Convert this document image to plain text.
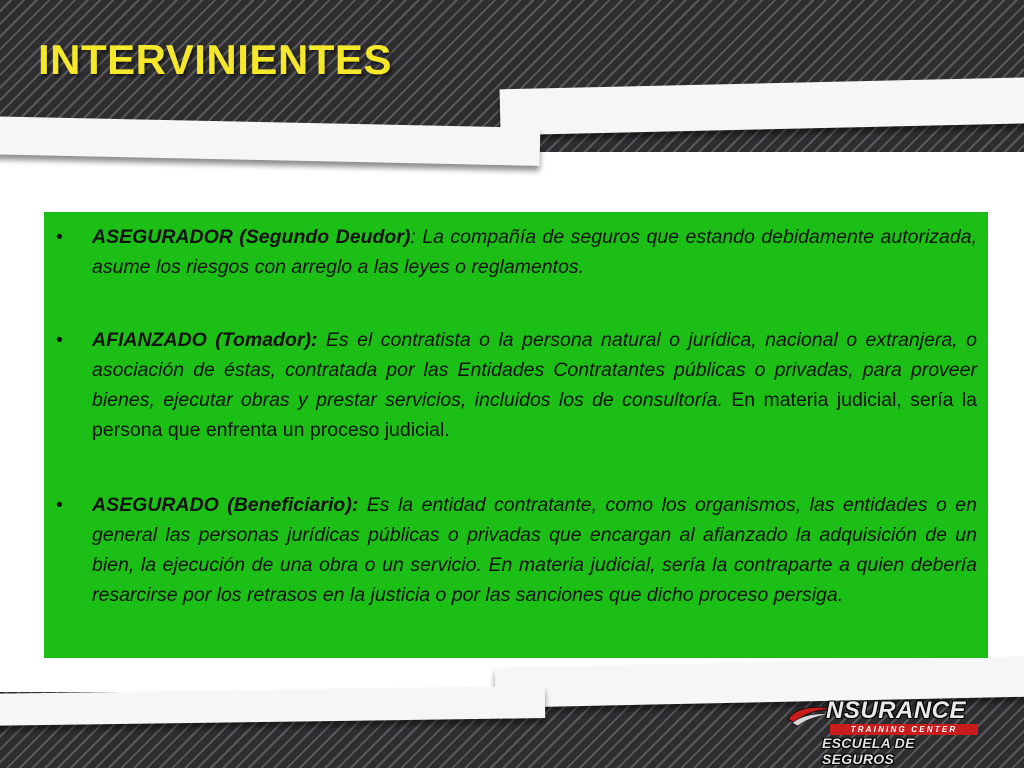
INTERVINIENTES
• ASEGURADOR (Segundo Deudor): La compañía de seguros que estando debidamente autorizada, asume los riesgos con arreglo a las leyes o reglamentos.
• AFIANZADO (Tomador): Es el contratista o la persona natural o jurídica, nacional o extranjera, o asociación de éstas, contratada por las Entidades Contratantes públicas o privadas, para proveer bienes, ejecutar obras y prestar servicios, incluidos los de consultoría. En materia judicial, sería la persona que enfrenta un proceso judicial.
• ASEGURADO (Beneficiario): Es la entidad contratante, como los organismos, las entidades o en general las personas jurídicas públicas o privadas que encargan al afianzado la adquisición de un bien, la ejecución de una obra o un servicio. En materia judicial, sería la contraparte a quien debería resarcirse por los retrasos en la justicia o por las sanciones que dicho proceso persiga.
NSURANCE
TRAINING CENTER
ESCUELA DE SEGUROS
